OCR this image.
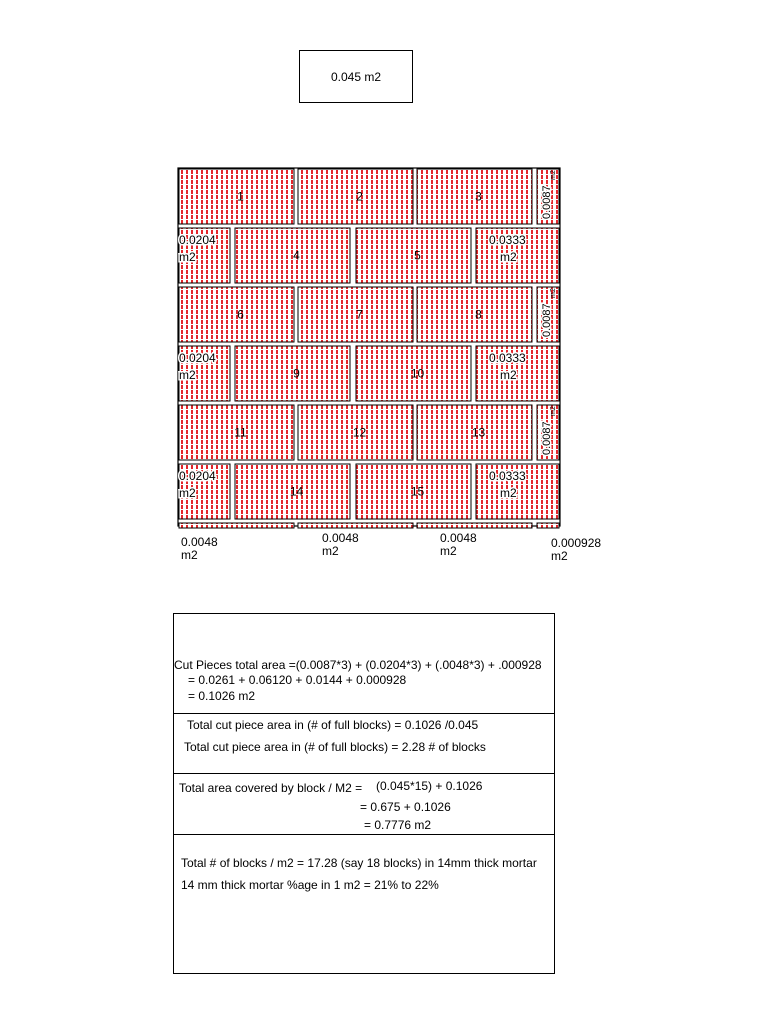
0.045 m2
1	2	3	0.0087
m2
0.0204
m2	4	5
0.0333
m2
6	7	8	0.0087
m2
0.0204
m2	9	10
0.0333
m2
11	12	13	0.0087
m2
0.0204
m2	14	15
0.0333
m2
0.0048
m2
0.0048
m2
0.0048
m2
0.000928
m2
Cut Pieces total area =(0.0087*3) + (0.0204*3) + (.0048*3) + .000928
= 0.0261 + 0.06120 + 0.0144 + 0.000928
= 0.1026 m2
Total cut piece area in (# of full blocks) = 0.1026 /0.045
Total cut piece area in (# of full blocks) = 2.28 # of blocks
Total area covered by block / M2 = (0.045*15) + 0.1026
= 0.675 + 0.1026
= 0.7776 m2
Total # of blocks / m2 = 17.28 (say 18 blocks) in 14mm thick mortar
14 mm thick mortar %age in 1 m2 = 21% to 22%
